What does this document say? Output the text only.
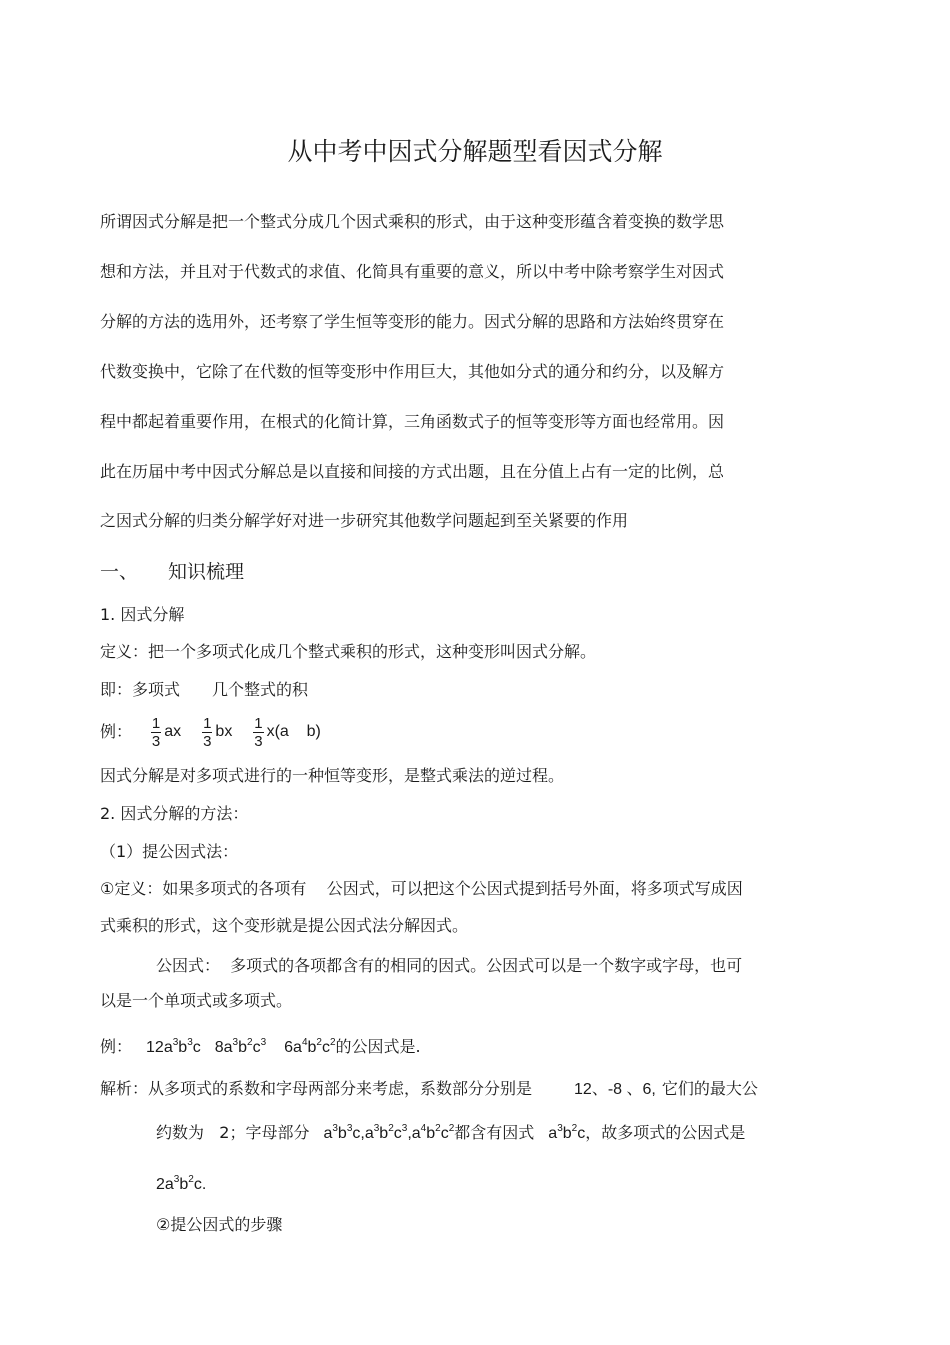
从中考中因式分解题型看因式分解
所谓因式分解是把一个整式分成几个因式乘积的形式，由于这种变形蕴含着变换的数学思
想和方法，并且对于代数式的求值、化简具有重要的意义，所以中考中除考察学生对因式
分解的方法的选用外，还考察了学生恒等变形的能力。因式分解的思路和方法始终贯穿在
代数变换中，它除了在代数的恒等变形中作用巨大，其他如分式的通分和约分，以及解方
程中都起着重要作用，在根式的化简计算，三角函数式子的恒等变形等方面也经常用。因
此在历届中考中因式分解总是以直接和间接的方式出题，且在分值上占有一定的比例，总
之因式分解的归类分解学好对进一步研究其他数学问题起到至关紧要的作用
一、 知识梳理
1. 因式分解
定义：把一个多项式化成几个整式乘积的形式，这种变形叫因式分解。
即：多项式 几个整式的积
例： $\frac{1}{3}$ ax $\frac{1}{3}$ bx $\frac{1}{3} x(a$    b)
因式分解是对多项式进行的一种恒等变形，是整式乘法的逆过程。
2. 因式分解的方法：
（1）提公因式法：
①定义：如果多项式的各项有    公因式，可以把这个公因式提到括号外面，将多项式写成因
式乘积的形式，这个变形就是提公因式法分解因式。
公因式：  多项式的各项都含有的相同的因式。公因式可以是一个数字或字母，也可
以是一个单项式或多项式。
例： $12a^3b^3c$ $8a^3b^2c^3$ $6a^4b^2c^2$的公因式是.
解析：从多项式的系数和字母两部分来考虑，系数部分分别是	12、-8 、6, 它们的最大公
约数为   2；字母部分 $a^3b^3c,a^3b^2c^3,a^4b^2c^2$都含有因式 $a^3b^2c$，故多项式的公因式是
$2a^3b^2c$.
②提公因式的步骤
